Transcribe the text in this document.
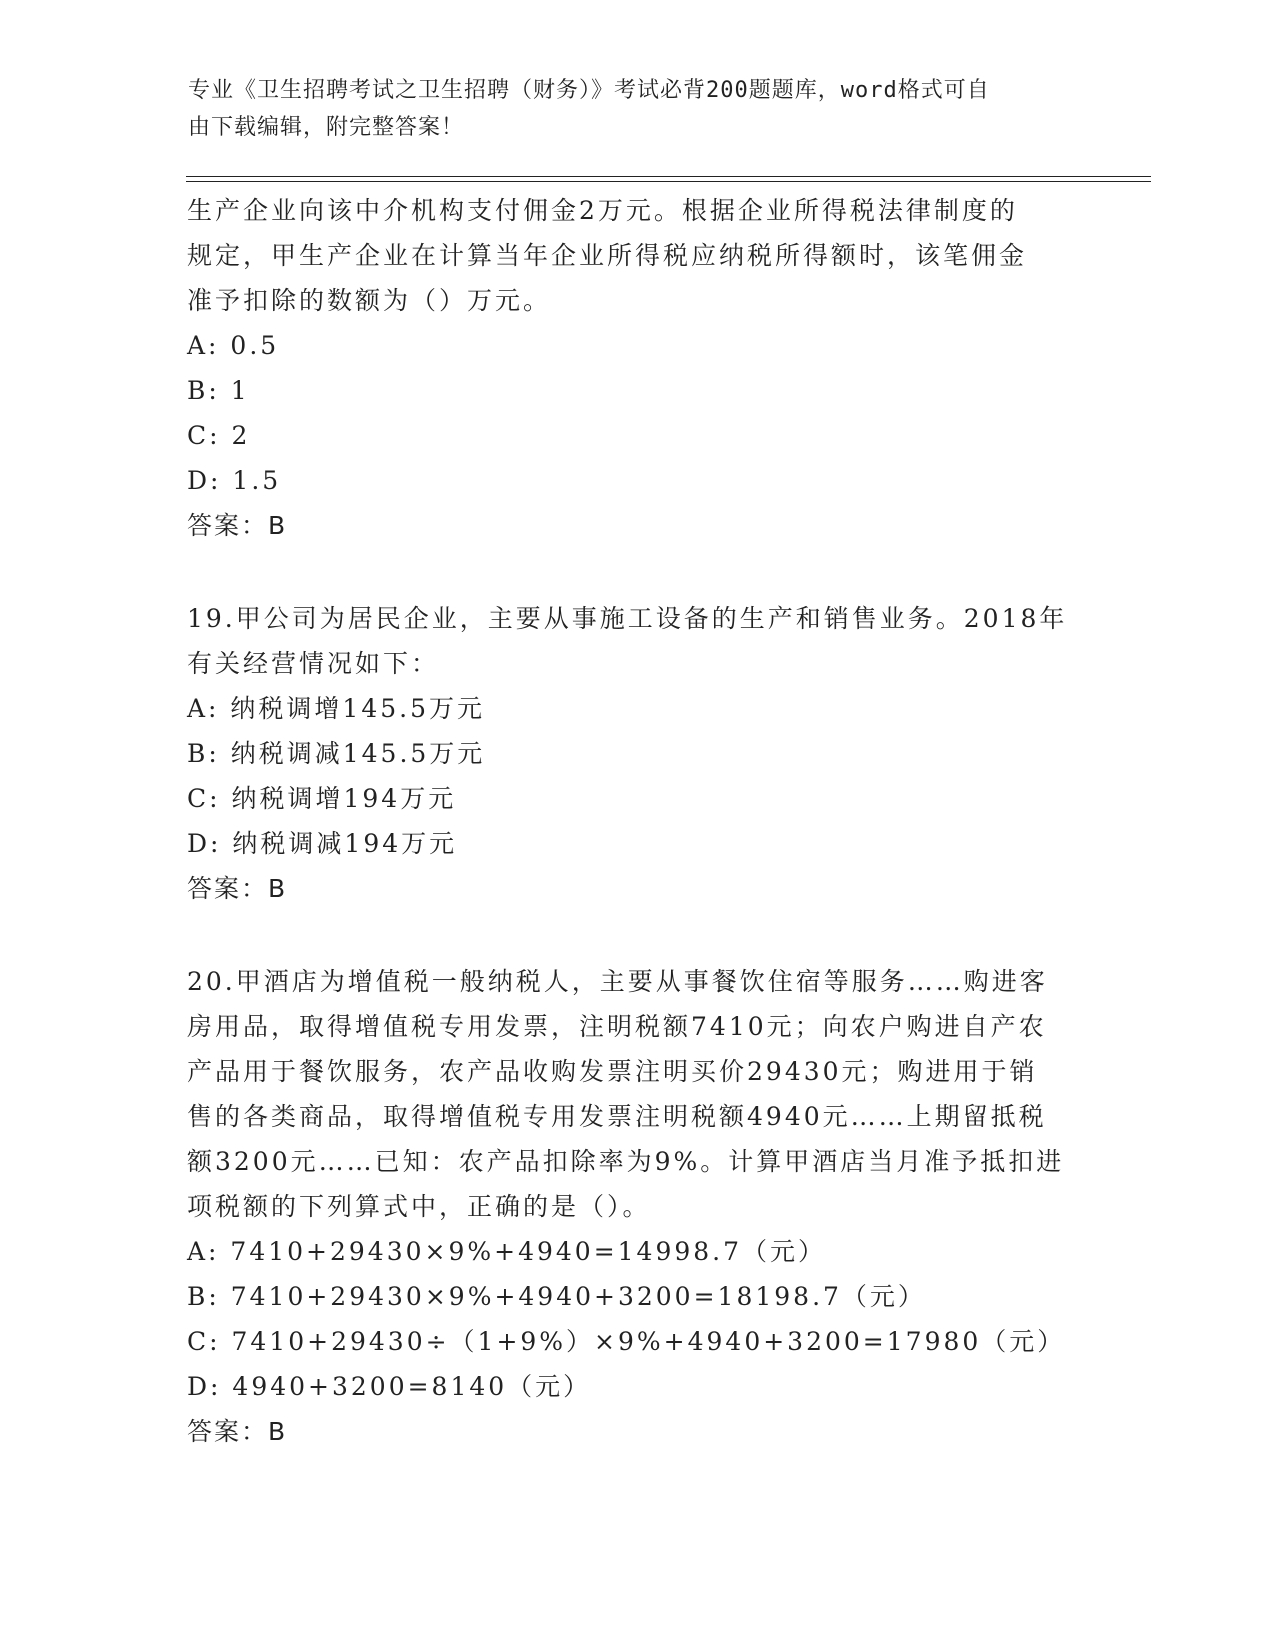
专业《卫生招聘考试之卫生招聘（财务）》考试必背200题题库，word格式可自
由下载编辑，附完整答案！
生产企业向该中介机构支付佣金2万元。根据企业所得税法律制度的
规定，甲生产企业在计算当年企业所得税应纳税所得额时，该笔佣金
准予扣除的数额为（）万元。
A: 0.5
B: 1
C: 2
D: 1.5
答案：B
19.甲公司为居民企业，主要从事施工设备的生产和销售业务。2018年
有关经营情况如下：
A: 纳税调增145.5万元
B: 纳税调减145.5万元
C: 纳税调增194万元
D: 纳税调减194万元
答案：B
20.甲酒店为增值税一般纳税人，主要从事餐饮住宿等服务……购进客
房用品，取得增值税专用发票，注明税额7410元；向农户购进自产农
产品用于餐饮服务，农产品收购发票注明买价29430元；购进用于销
售的各类商品，取得增值税专用发票注明税额4940元……上期留抵税
额3200元……已知：农产品扣除率为9%。计算甲酒店当月准予抵扣进
项税额的下列算式中，正确的是（）。
A: 7410+29430×9%+4940=14998.7（元）
B: 7410+29430×9%+4940+3200=18198.7（元）
C: 7410+29430÷（1+9%）×9%+4940+3200=17980（元）
D: 4940+3200=8140（元）
答案：B
